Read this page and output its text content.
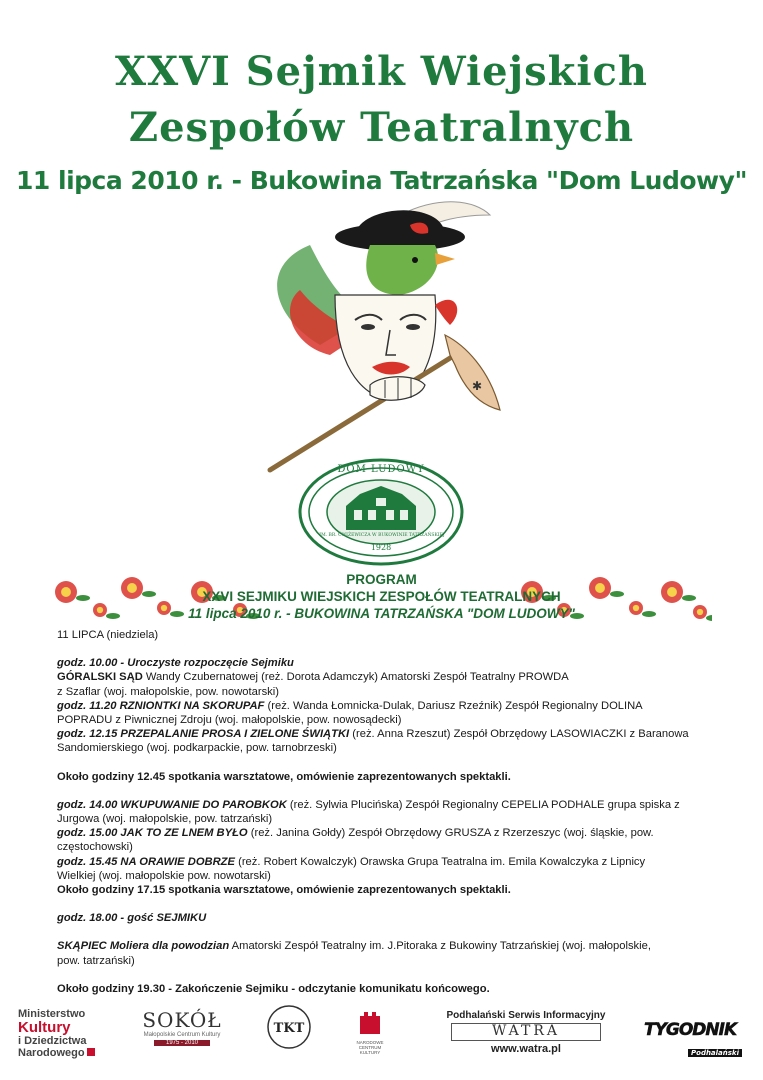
XXVI Sejmik Wiejskich
Zespołów Teatralnych
11 lipca 2010 r. - Bukowina Tatrzańska "Dom Ludowy"
✱
DOM LUDOWY
1928
IM. BR. ĆWIŻEWICZA W BUKOWINIE TATRZAŃSKIEJ
PROGRAM
XXVI SEJMIKU WIEJSKICH ZESPOŁÓW TEATRALNYCH
11 lipca 2010 r. - BUKOWINA TATRZAŃSKA "DOM LUDOWY"
11 LIPCA (niedziela)
godz. 10.00 - Uroczyste rozpoczęcie Sejmiku
GÓRALSKI SĄD Wandy Czubernatowej (reż. Dorota Adamczyk) Amatorski Zespół Teatralny PROWDA
z Szaflar (woj. małopolskie, pow. nowotarski)
godz. 11.20 RZNIONTKI NA SKORUPAF (reż. Wanda Łomnicka-Dulak, Dariusz Rzeźnik) Zespół Regionalny DOLINA
POPRADU z Piwnicznej Zdroju (woj. małopolskie, pow. nowosądecki)
godz. 12.15 PRZEPALANIE PROSA I ZIELONE ŚWIĄTKI (reż. Anna Rzeszut) Zespół Obrzędowy LASOWIACZKI z Baranowa
Sandomierskiego (woj. podkarpackie, pow. tarnobrzeski)
Około godziny 12.45 spotkania warsztatowe, omówienie zaprezentowanych spektakli.
godz. 14.00 WKUPUWANIE DO PAROBKOK (reż. Sylwia Plucińska) Zespół Regionalny CEPELIA PODHALE grupa spiska z
Jurgowa (woj. małopolskie, pow. tatrzański)
godz. 15.00 JAK TO ZE LNEM BYŁO (reż. Janina Gołdy) Zespół Obrzędowy GRUSZA z Rzerzeszyc (woj. śląskie, pow.
częstochowski)
godz. 15.45 NA ORAWIE DOBRZE (reż. Robert Kowalczyk) Orawska Grupa Teatralna im. Emila Kowalczyka z Lipnicy
Wielkiej (woj. małopolskie pow. nowotarski)
Około godziny 17.15 spotkania warsztatowe, omówienie zaprezentowanych spektakli.
godz. 18.00 - gość SEJMIKU
SKĄPIEC Moliera dla powodzian Amatorski Zespół Teatralny im. J.Pitoraka z Bukowiny Tatrzańskiej (woj. małopolskie,
pow. tatrzański)
Około godziny 19.30 - Zakończenie Sejmiku - odczytanie komunikatu końcowego.
Ministerstwo
Kultury
i Dziedzictwa
Narodowego
SOKÓŁ
Małopolskie Centrum Kultury
1975 - 2010
TKT
NARODOWE
CENTRUM
KULTURY
Podhalański Serwis Informacyjny
WATRA
www.watra.pl
TYGODNIK
Podhalański
